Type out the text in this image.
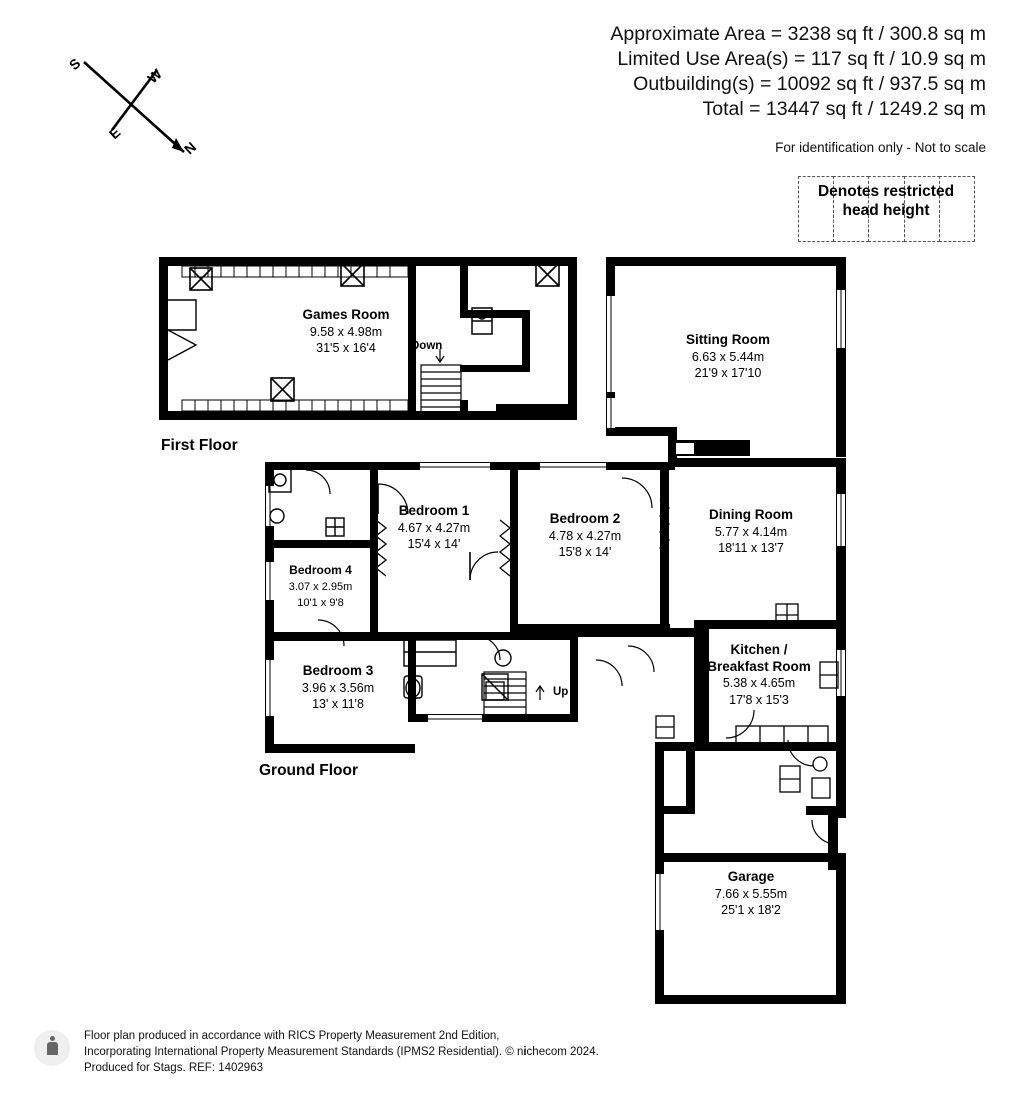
Approximate Area = 3238 sq ft / 300.8 sq m
Limited Use Area(s) = 117 sq ft / 10.9 sq m
Outbuilding(s) = 10092 sq ft / 937.5 sq m
Total = 13447 sq ft / 1249.2 sq m
For identification only - Not to scale
Denotes restricted
head height
S
W
E
N
First Floor
Ground Floor
Games Room
9.58 x 4.98m
31'5 x 16'4
Sitting Room
6.63 x 5.44m
21'9 x 17'10
Bedroom 1
4.67 x 4.27m
15'4 x 14'
Bedroom 2
4.78 x 4.27m
15'8 x 14'
Dining Room
5.77 x 4.14m
18'11 x 13'7
Bedroom 4
3.07 x 2.95m
10'1 x 9'8
Bedroom 3
3.96 x 3.56m
13' x 11'8
Kitchen /
Breakfast Room
5.38 x 4.65m
17'8 x 15'3
Garage
7.66 x 5.55m
25'1 x 18'2
Down
Up
Floor plan produced in accordance with RICS Property Measurement 2nd Edition,
Incorporating International Property Measurement Standards (IPMS2 Residential). © nichecom 2024.
Produced for Stags. REF: 1402963
